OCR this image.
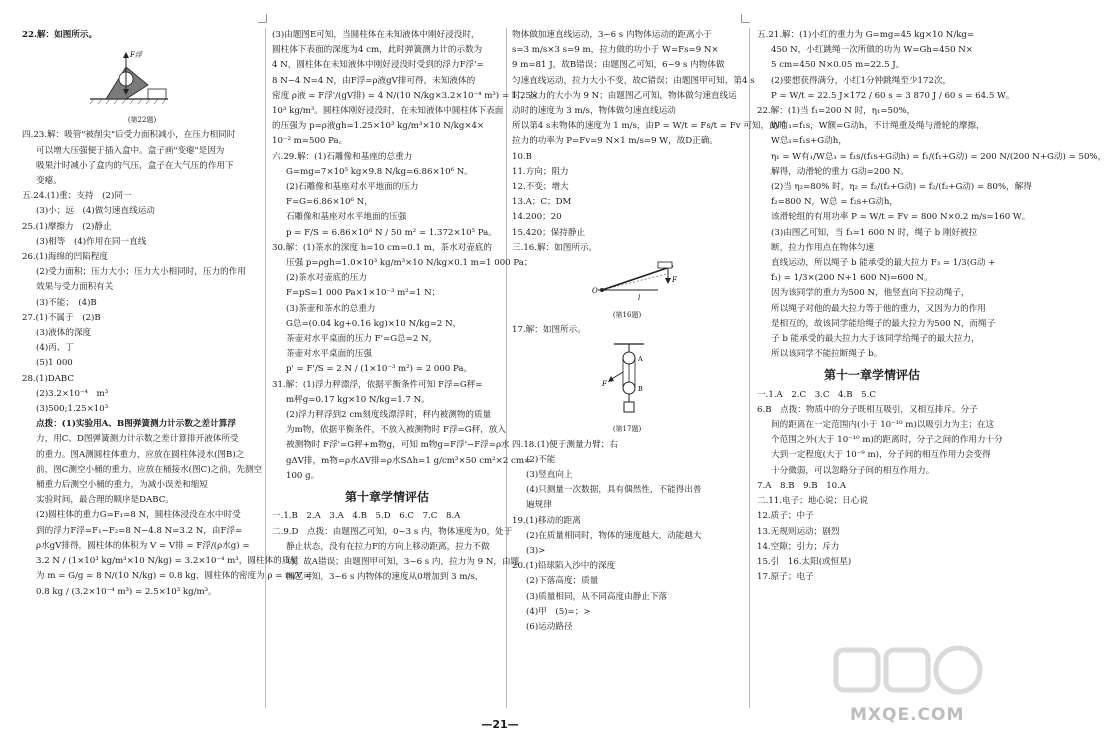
22.解：如图所示。
F浮
(第22题)
四.23.解：吸管"被削尖"后受力面积减小，在压力相同时
可以增大压强便于插入盒中。盒子画"变瘪"是因为
吸果汁时减小了盒内的气压，盒子在大气压的作用下
变瘪。
五.24.(1)重；支持　(2)同一
(3)小；远　(4)做匀速直线运动
25.(1)摩擦力　(2)静止
(3)相等　(4)作用在同一直线
26.(1)海绵的凹陷程度
(2)受力面积；压力大小；压力大小相同时，压力的作用
效果与受力面积有关
(3)不能；　(4)B
27.(1)不属于　(2)B
(3)液体的深度
(4)丙、丁
(5)1 000
28.(1)DABC
(2)3.2×10⁻⁴　m³
(3)500;1.25×10³
点拨：(1)实验用A、B图弹簧测力计示数之差计算浮
力，用C、D图弹簧测力计示数之差计算排开液体所受
的重力。图A测圆柱体重力，应放在圆柱体浸水(图B)之
前，图C测空小桶的重力，应放在桶接水(图C)之前，先测空
桶重力后测空小桶的重力，为减小误差和缩短
实验时间，最合理的顺序是DABC。
(2)圆柱体的重力G=F₁=8 N，圆柱体浸没在水中时受
到的浮力F浮=F₁−F₂=8 N−4.8 N=3.2 N，由F浮=
ρ水gV排得，圆柱体的体积为 V = V排 = F浮/(ρ水g) =
3.2 N / (1×10³ kg/m³×10 N/kg) = 3.2×10⁻⁴ m³，圆柱体的质量
为 m = G/g = 8 N/(10 N/kg) = 0.8 kg，圆柱体的密度为 ρ = m/V =
0.8 kg / (3.2×10⁻⁴ m³) = 2.5×10³ kg/m³。
(3)由题图E可知，当圆柱体在未知液体中刚好浸没时，
圆柱体下表面的深度为4 cm，此时弹簧测力计的示数为
4 N，圆柱体在未知液体中刚好浸没时受到的浮力F浮'=
8 N−4 N=4 N，由F浮=ρ液gV排可得，未知液体的
密度 ρ液 = F浮'/(gV排) = 4 N/(10 N/kg×3.2×10⁻⁴ m³) = 1.25×
10³ kg/m³。圆柱体刚好浸没时，在未知液体中圆柱体下表面
的压强为 p=ρ液gh=1.25×10³ kg/m³×10 N/kg×4×
10⁻² m=500 Pa。
六.29.解：(1)石雕像和基座的总重力
G=mg=7×10⁵ kg×9.8 N/kg=6.86×10⁶ N。
(2)石雕像和基座对水平地面的压力
F=G=6.86×10⁶ N，
石雕像和基座对水平地面的压强
p = F/S = 6.86×10⁶ N / 50 m² = 1.372×10⁵ Pa。
30.解：(1)茶水的深度 h=10 cm=0.1 m，茶水对壶底的
压强 p=ρgh=1.0×10³ kg/m³×10 N/kg×0.1 m=1 000 Pa；
(2)茶水对壶底的压力
F=pS=1 000 Pa×1×10⁻³ m²=1 N；
(3)茶壶和茶水的总重力
G总=(0.04 kg+0.16 kg)×10 N/kg=2 N，
茶壶对水平桌面的压力 F'=G总=2 N，
茶壶对水平桌面的压强
p' = F'/S = 2 N / (1×10⁻³ m²) = 2 000 Pa。
31.解：(1)浮力秤漂浮，依据平衡条件可知 F浮=G秤=
m秤g=0.17 kg×10 N/kg=1.7 N。
(2)浮力秤浮到2 cm刻度线漂浮时，秤内被测物的质量
为m物，依据平衡条件，不放入被测物时 F浮=G秤，放入
被测物时 F浮'=G秤+m物g，可知 m物g=F浮'−F浮=ρ水
gΔV排，m物=ρ水ΔV排=ρ水SΔh=1 g/cm³×50 cm²×2 cm=
100 g。
第十章学情评估
一.1.B　2.A　3.A　4.B　5.D　6.C　7.C　8.A
二.9.D　点拨：由题图乙可知，0~3 s 内，物体速度为0，处于
静止状态，没有在拉力F的方向上移动距离，拉力不做
功，故A错误；由题图甲可知，3~6 s 内，拉力为 9 N，由题
图乙可知，3~6 s 内物体的速度从0增加到 3 m/s，
物体做加速直线运动，3~6 s 内物体运动的距离小于
s=3 m/s×3 s=9 m，拉力做的功小于 W=Fs=9 N×
9 m=81 J，故B错误；由题图乙可知，6~9 s 内物体做
匀速直线运动，拉力大小不变，故C错误；由题图甲可知，第4 s
时，拉力的大小为 9 N；由题图乙可知，物体做匀速直线运
动时的速度为 3 m/s，物体做匀速直线运动
所以第4 s末物体的速度为 1 m/s，由P = W/t = Fs/t = Fv 可知，此时
拉力的功率为 P=Fv=9 N×1 m/s=9 W，故D正确。
10.B
11.方向；阻力
12.不变；增大
13.A；C；DM
14.200；20
15.420；保持静止
三.16.解：如图所示。
F
O
l
(第16题)
17.解：如图所示。
F
A
B
(第17题)
四.18.(1)便于测量力臂；右
(2)不能
(3)竖直向上
(4)只测量一次数据，具有偶然性，不能得出普
遍规律
19.(1)移动的距离
(2)在质量相同时，物体的速度越大，动能越大
(3)>
20.(1)铅球陷入沙中的深度
(2)下落高度；质量
(3)质量相同，从不同高度由静止下落
(4)甲　(5)=；>
(6)运动路径
五.21.解：(1)小红的重力为 G=mg=45 kg×10 N/kg=
450 N，小红跳绳一次所做的功为 W=Gh=450 N×
5 cm=450 N×0.05 m=22.5 J。
(2)要想获得满分，小红1分钟跳绳至少172次，
P = W/t = 22.5 J×172 / 60 s = 3 870 J / 60 s = 64.5 W。
22.解：(1)当 f₁=200 N 时，η₁=50%，
W有₁=f₁s，W额=G动h，不计绳重及绳与滑轮的摩擦，
W总₁=f₁s+G动h，
η₁ = W有₁/W总₁ = f₁s/(f₁s+G动h) = f₁/(f₁+G动) = 200 N/(200 N+G动) = 50%，
解得，动滑轮的重力 G动=200 N。
(2)当 η₂=80% 时，η₂ = f₂/(f₂+G动) = f₂/(f₂+G动) = 80%，解得
f₂=800 N，W总 = f₂s+G动h，
该滑轮组的有用功率 P = W/t = Fv = 800 N×0.2 m/s=160 W。
(3)由图乙可知，当 f₃=1 600 N 时，绳子 b 刚好被拉
断，拉力作用点在物体匀速
直线运动，所以绳子 b 能承受的最大拉力 F₃ = 1/3(G动 +
f₃) = 1/3×(200 N+1 600 N)=600 N。
因为该同学的重力为500 N，他竖直向下拉动绳子，
所以绳子对他的最大拉力等于他的重力，又因为力的作用
是相互的，故该同学能给绳子的最大拉力为500 N，而绳子
子 b 能承受的最大拉力大于该同学给绳子的最大拉力，
所以该同学不能拉断绳子 b。
第十一章学情评估
一.1.A　2.C　3.C　4.B　5.C
6.B　点拨：物质中的分子既相互吸引，又相互排斥。分子
间的距离在一定范围内(小于 10⁻¹⁰ m)以吸引力为主；在这
个范围之外(大于 10⁻¹⁰ m)的距离时，分子之间的作用力十分
大到一定程度(大于 10⁻⁹ m)，分子间的相互作用力会变得
十分微弱，可以忽略分子间的相互作用力。
7.A　8.B　9.B　10.A
二.11.电子；地心说；日心说
12.质子；中子
13.无规则运动；剧烈
14.空隙；引力；斥力
15.引　16.太阳(或恒星)
17.原子；电子
—21—	MXQE.COM
